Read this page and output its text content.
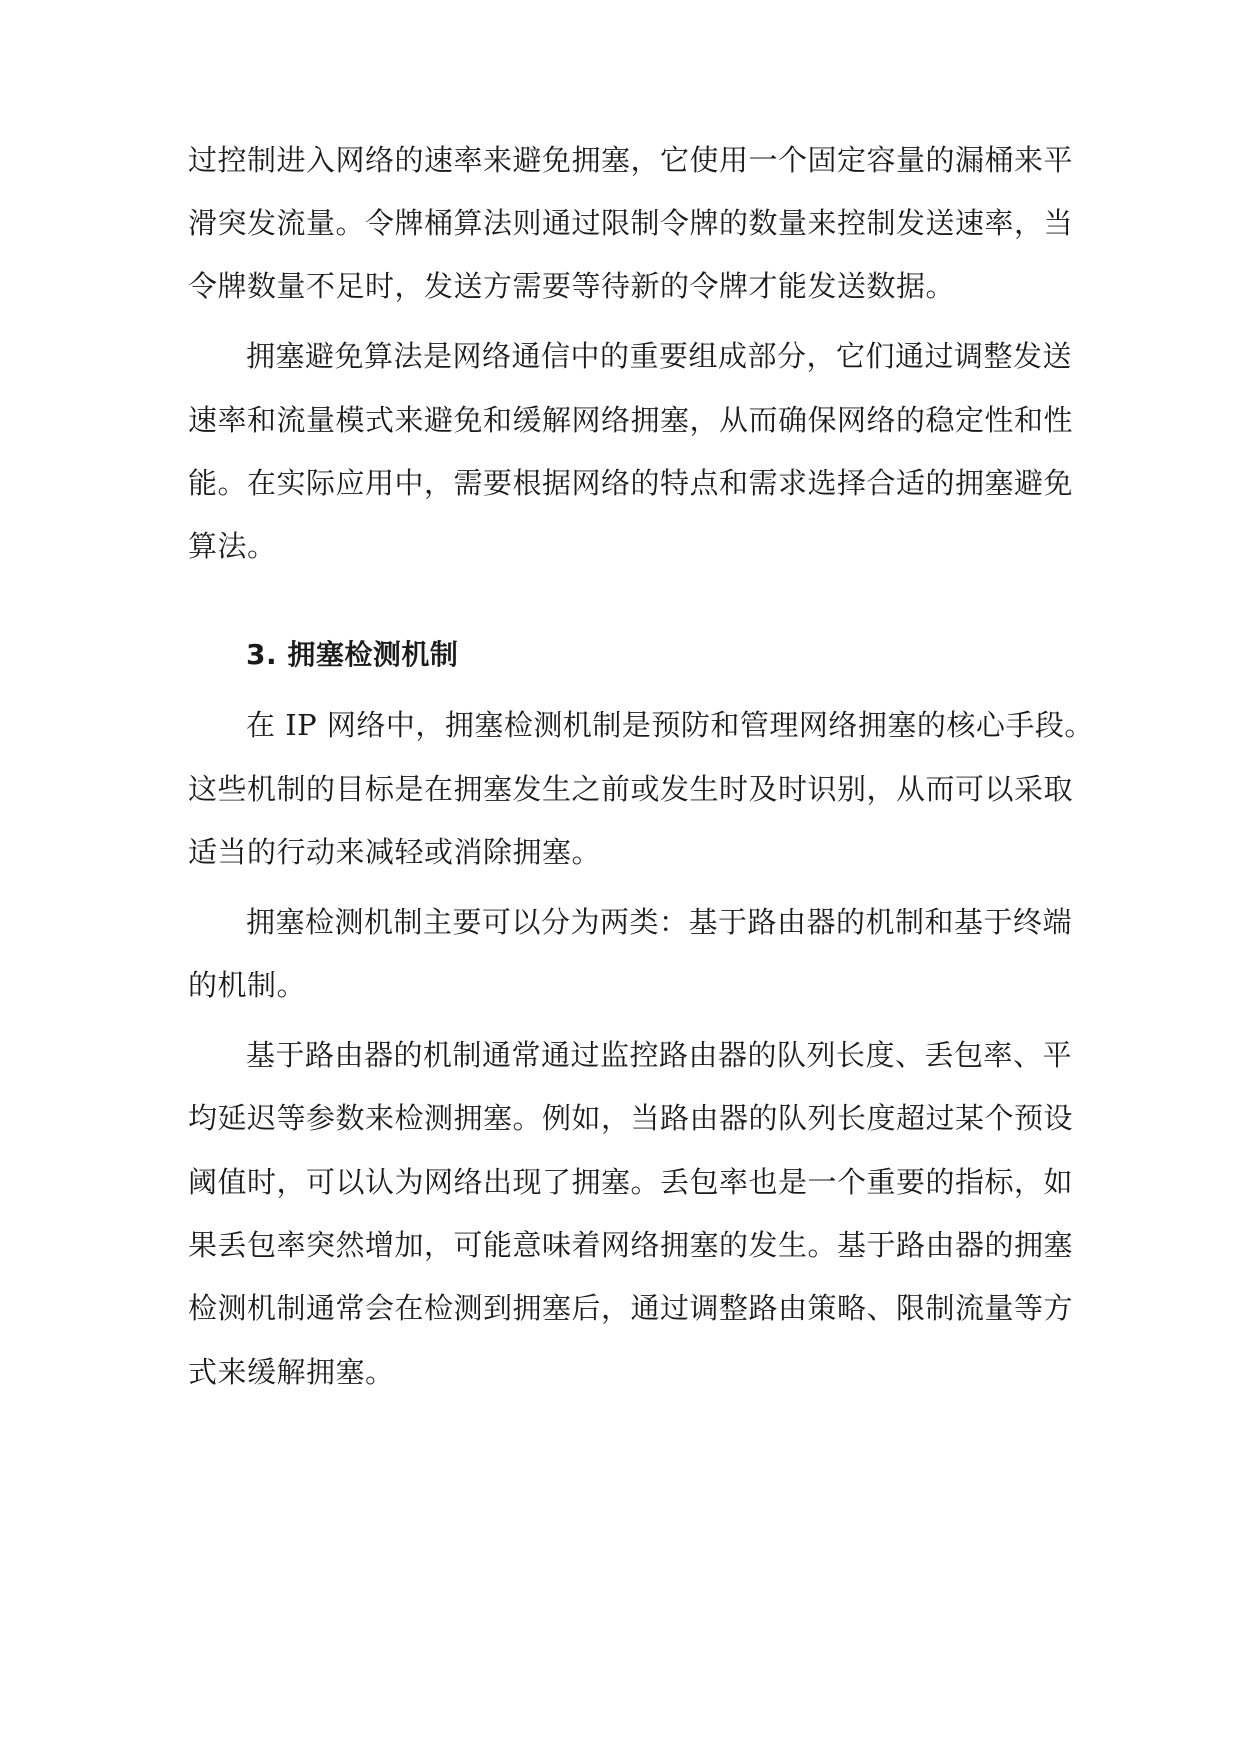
过控制进入网络的速率来避免拥塞，它使用一个固定容量的漏桶来平
滑突发流量。令牌桶算法则通过限制令牌的数量来控制发送速率，当
令牌数量不足时，发送方需要等待新的令牌才能发送数据。
拥塞避免算法是网络通信中的重要组成部分，它们通过调整发送
速率和流量模式来避免和缓解网络拥塞，从而确保网络的稳定性和性
能。在实际应用中，需要根据网络的特点和需求选择合适的拥塞避免
算法。
3. 拥塞检测机制
在 IP 网络中，拥塞检测机制是预防和管理网络拥塞的核心手段。
这些机制的目标是在拥塞发生之前或发生时及时识别，从而可以采取
适当的行动来减轻或消除拥塞。
拥塞检测机制主要可以分为两类：基于路由器的机制和基于终端
的机制。
基于路由器的机制通常通过监控路由器的队列长度、丢包率、平
均延迟等参数来检测拥塞。例如，当路由器的队列长度超过某个预设
阈值时，可以认为网络出现了拥塞。丢包率也是一个重要的指标，如
果丢包率突然增加，可能意味着网络拥塞的发生。基于路由器的拥塞
检测机制通常会在检测到拥塞后，通过调整路由策略、限制流量等方
式来缓解拥塞。
